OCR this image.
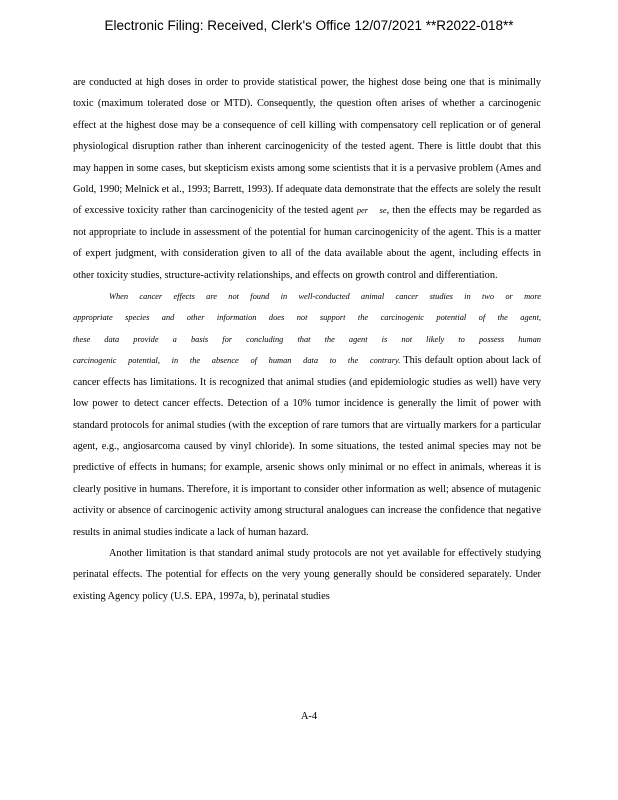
Electronic Filing: Received, Clerk's Office 12/07/2021 **R2022-018**

are conducted at high doses in order to provide statistical power, the highest dose being one that is minimally toxic (maximum tolerated dose or MTD). Consequently, the question often arises of whether a carcinogenic effect at the highest dose may be a consequence of cell killing with compensatory cell replication or of general physiological disruption rather than inherent carcinogenicity of the tested agent. There is little doubt that this may happen in some cases, but skepticism exists among some scientists that it is a pervasive problem (Ames and Gold, 1990; Melnick et al., 1993; Barrett, 1993). If adequate data demonstrate that the effects are solely the result of excessive toxicity rather than carcinogenicity of the tested agent per se, then the effects may be regarded as not appropriate to include in assessment of the potential for human carcinogenicity of the agent. This is a matter of expert judgment, with consideration given to all of the data available about the agent, including effects in other toxicity studies, structure-activity relationships, and effects on growth control and differentiation.

When cancer effects are not found in well-conducted animal cancer studies in two or more appropriate species and other information does not support the carcinogenic potential of the agent, these data provide a basis for concluding that the agent is not likely to possess human carcinogenic potential, in the absence of human data to the contrary. This default option about lack of cancer effects has limitations. It is recognized that animal studies (and epidemiologic studies as well) have very low power to detect cancer effects. Detection of a 10% tumor incidence is generally the limit of power with standard protocols for animal studies (with the exception of rare tumors that are virtually markers for a particular agent, e.g., angiosarcoma caused by vinyl chloride). In some situations, the tested animal species may not be predictive of effects in humans; for example, arsenic shows only minimal or no effect in animals, whereas it is clearly positive in humans. Therefore, it is important to consider other information as well; absence of mutagenic activity or absence of carcinogenic activity among structural analogues can increase the confidence that negative results in animal studies indicate a lack of human hazard.

Another limitation is that standard animal study protocols are not yet available for effectively studying perinatal effects. The potential for effects on the very young generally should be considered separately. Under existing Agency policy (U.S. EPA, 1997a, b), perinatal studies

A-4
